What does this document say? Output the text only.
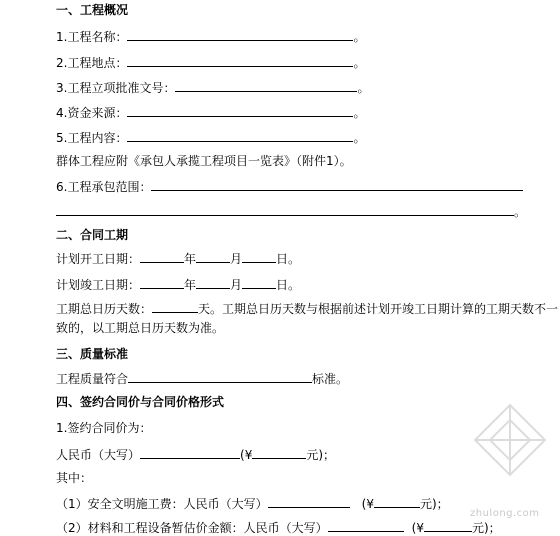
一、工程概况
1.工程名称：	。
2.工程地点：	。
3.工程立项批准文号：	。
4.资金来源：	。
5.工程内容：	。
群体工程应附《承包人承揽工程项目一览表》（附件1）。
6.工程承包范围：
。
二、合同工期
计划开工日期：	年	月	日。
计划竣工日期：	年	月	日。
工期总日历天数：	天。工期总日历天数与根据前述计划开竣工日期计算的工期天数不一
致的，以工期总日历天数为准。
三、质量标准
工程质量符合	标准。
四、签约合同价与合同价格形式
1.签约合同价为：
人民币（大写）	(¥	元)；
其中：
（1）安全文明施工费：人民币（大写）	(¥	元)；
（2）材料和工程设备暂估价金额：人民币（大写）	(¥	元)；
zhulong.com
